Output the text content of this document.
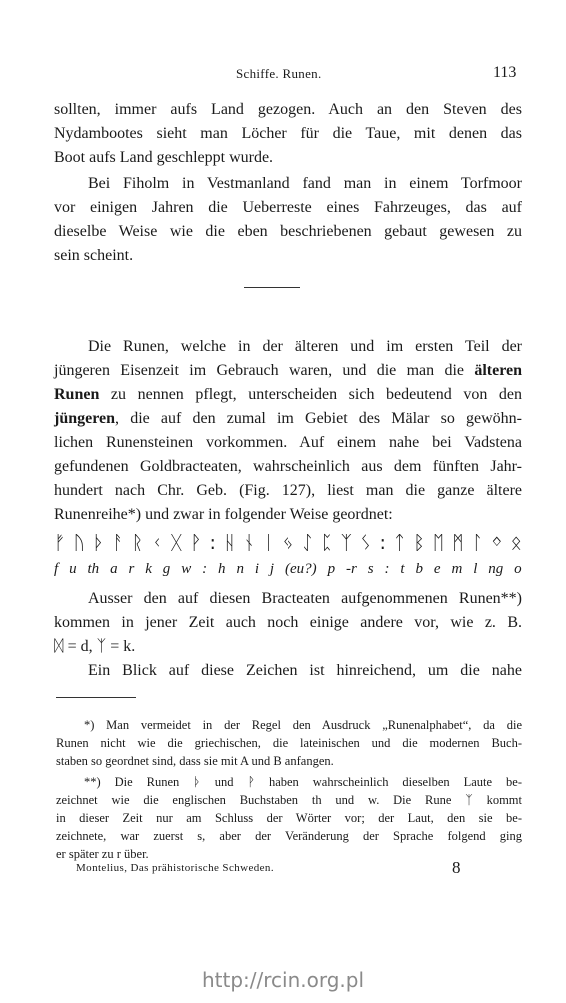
Schiffe. Runen.	113
sollten, immer aufs Land gezogen. Auch an den Steven des
Nydambootes sieht man Löcher für die Taue, mit denen das
Boot aufs Land geschleppt wurde.
Bei Fiholm in Vestmanland fand man in einem Torfmoor
vor einigen Jahren die Ueberreste eines Fahrzeuges, das auf
dieselbe Weise wie die eben beschriebenen gebaut gewesen zu
sein scheint.
Die Runen, welche in der älteren und im ersten Teil der
jüngeren Eisenzeit im Gebrauch waren, und die man die älteren
Runen zu nennen pflegt, unterscheiden sich bedeutend von den
jüngeren, die auf den zumal im Gebiet des Mälar so gewöhn-
lichen Runensteinen vorkommen. Auf einem nahe bei Vadstena
gefundenen Goldbracteaten, wahrscheinlich aus dem fünften Jahr-
hundert nach Chr. Geb. (Fig. 127), liest man die ganze ältere
Runenreihe*) und zwar in folgender Weise geordnet:
ᚠ ᚢ ᚦ ᚨ ᚱ ᚲ ᚷ ᚹ : ᚺ ᚾ ᛁ ᛃ ᛇ ᛈ ᛉ ᛊ : ᛏ ᛒ ᛖ ᛗ ᛚ ᛜ ᛟ
f u th a r k g w : h n i j (eu?) p -r s : t b e m l ng o
Ausser den auf diesen Bracteaten aufgenommenen Runen**)
kommen in jener Zeit auch noch einige andere vor, wie z. B.
ᛞ = d, ᛉ = k.
Ein Blick auf diese Zeichen ist hinreichend, um die nahe
*) Man vermeidet in der Regel den Ausdruck „Runenalphabet“, da die
Runen nicht wie die griechischen, die lateinischen und die modernen Buch-
staben so geordnet sind, dass sie mit A und B anfangen.
**) Die Runen ᚦ und ᚹ haben wahrscheinlich dieselben Laute be-
zeichnet wie die englischen Buchstaben th und w. Die Rune ᛉ kommt
in dieser Zeit nur am Schluss der Wörter vor; der Laut, den sie be-
zeichnete, war zuerst s, aber der Veränderung der Sprache folgend ging
er später zu r über.
Montelius, Das prähistorische Schweden.	8
http://rcin.org.pl
